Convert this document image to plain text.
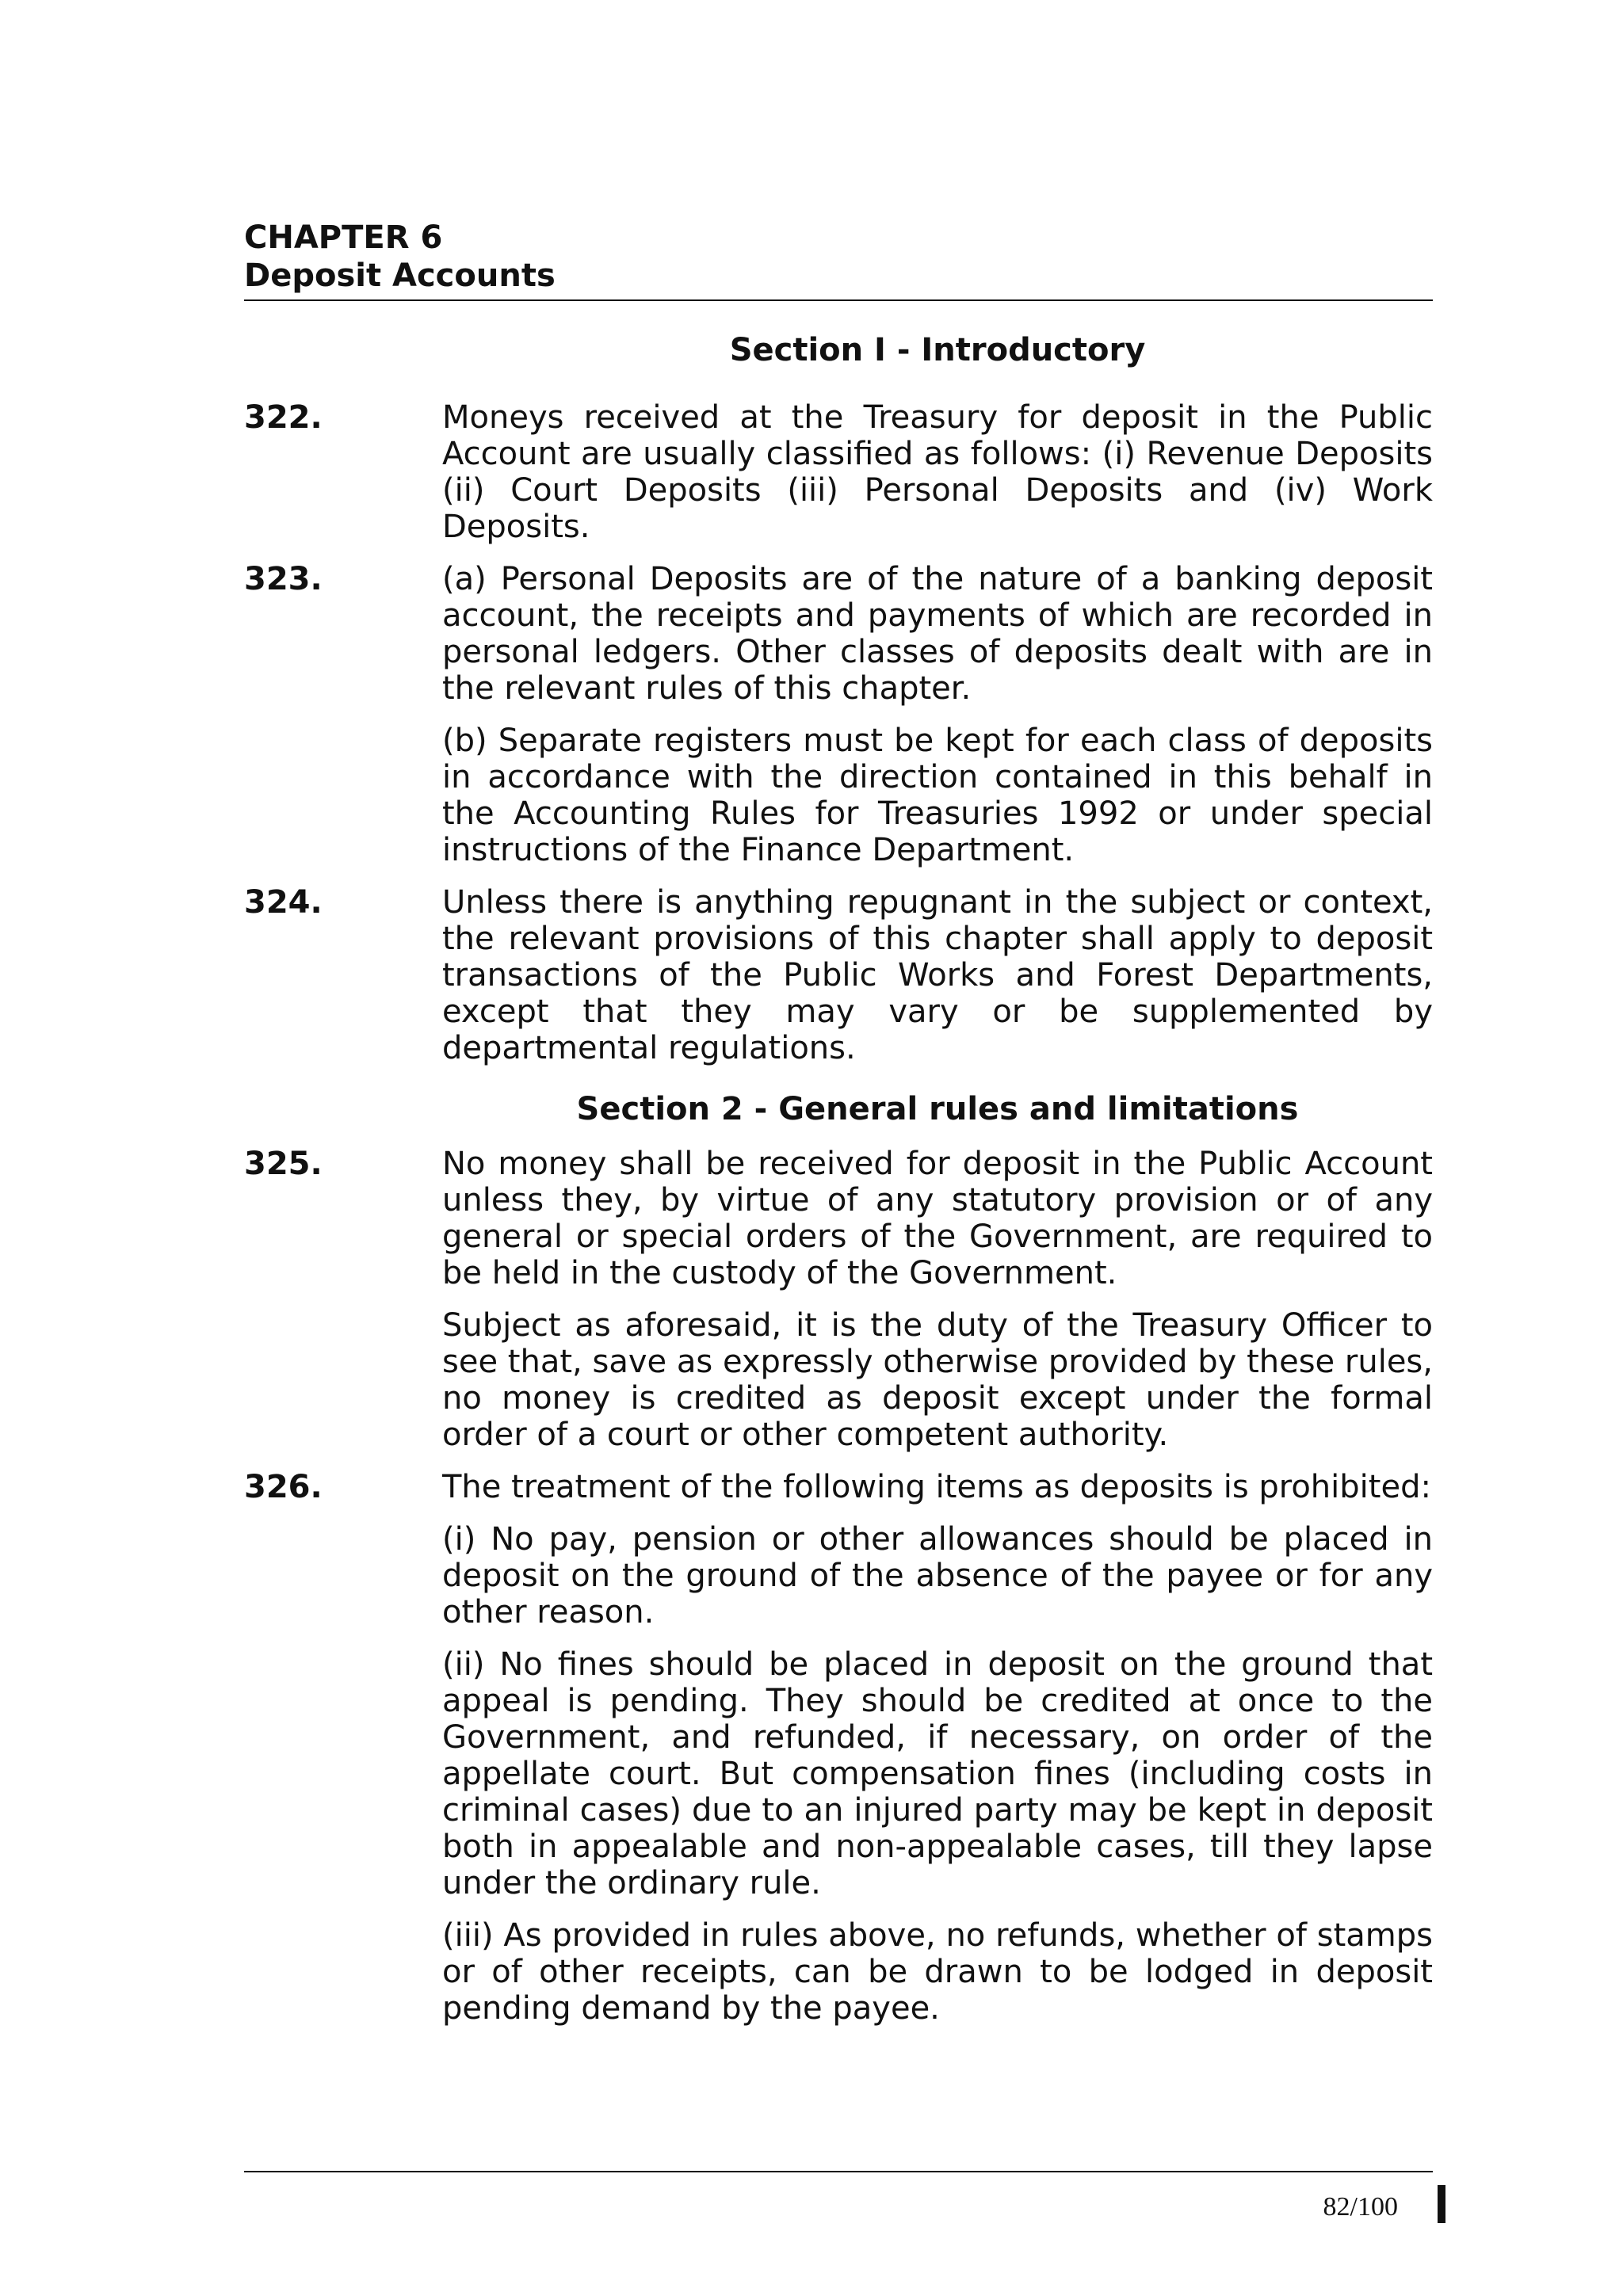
CHAPTER 6
Deposit Accounts
Section I - Introductory
322.	Moneys received at the Treasury for deposit in the Public Account are usually classified as follows: (i) Revenue Deposits (ii) Court Deposits (iii) Personal Deposits and (iv) Work Deposits.

323.	(a) Personal Deposits are of the nature of a banking deposit account, the receipts and payments of which are recorded in personal ledgers. Other classes of deposits dealt with are in the relevant rules of this chapter.

(b) Separate registers must be kept for each class of deposits in accordance with the direction contained in this behalf in the Accounting Rules for Treasuries 1992 or under special instructions of the Finance Department.

324.	Unless there is anything repugnant in the subject or context, the relevant provisions of this chapter shall apply to deposit transactions of the Public Works and Forest Departments, except that they may vary or be supplemented by departmental regulations.

Section 2 - General rules and limitations
325.	No money shall be received for deposit in the Public Account unless they, by virtue of any statutory provision or of any general or special orders of the Government, are required to be held in the custody of the Government.

Subject as aforesaid, it is the duty of the Treasury Officer to see that, save as expressly otherwise provided by these rules, no money is credited as deposit except under the formal order of a court or other competent authority.

326.	The treatment of the following items as deposits is prohibited:

(i) No pay, pension or other allowances should be placed in deposit on the ground of the absence of the payee or for any other reason.

(ii) No fines should be placed in deposit on the ground that appeal is pending. They should be credited at once to the Government, and refunded, if necessary, on order of the appellate court. But compensation fines (including costs in criminal cases) due to an injured party may be kept in deposit both in appealable and non-appealable cases, till they lapse under the ordinary rule.

(iii) As provided in rules above, no refunds, whether of stamps or of other receipts, can be drawn to be lodged in deposit pending demand by the payee.

82/100
